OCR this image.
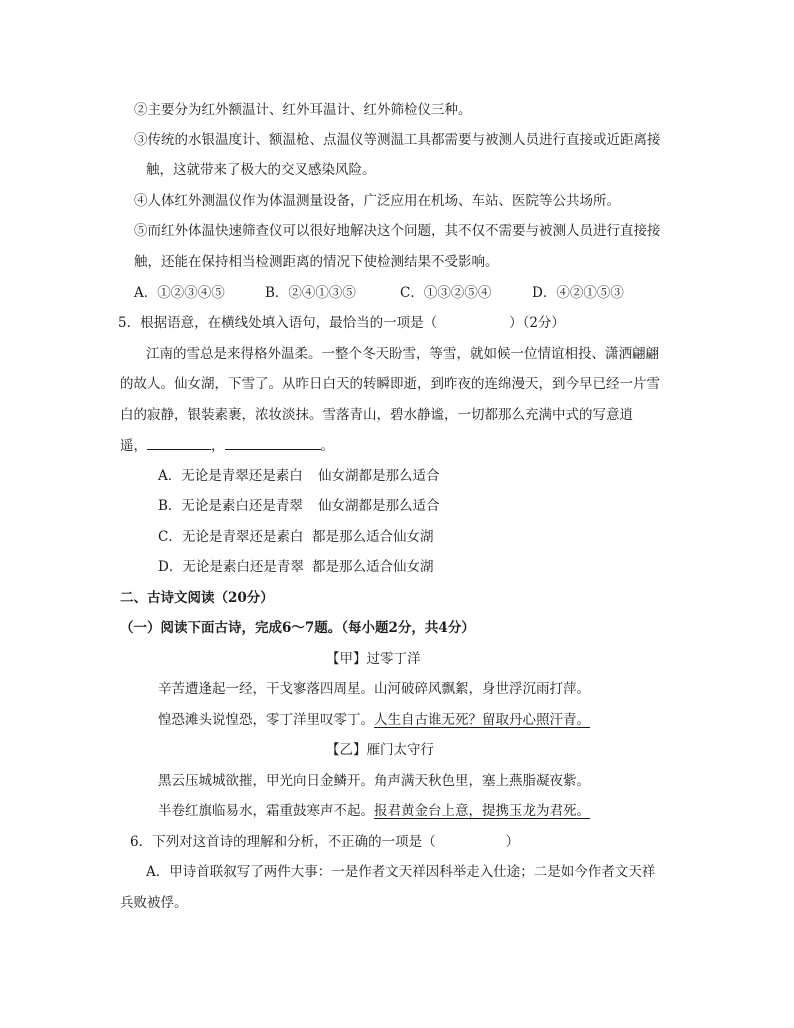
②主要分为红外额温计、红外耳温计、红外筛检仪三种。
③传统的水银温度计、额温枪、点温仪等测温工具都需要与被测人员进行直接或近距离接
触，这就带来了极大的交叉感染风险。
④人体红外测温仪作为体温测量设备，广泛应用在机场、车站、医院等公共场所。
⑤而红外体温快速筛查仪可以很好地解决这个问题，其不仅不需要与被测人员进行直接接
触，还能在保持相当检测距离的情况下使检测结果不受影响。
A．①②③④⑤	B．②④①③⑤	C．①③②⑤④	D．④②①⑤③
5．根据语意，在横线处填入语句，最恰当的一项是（	）（2分）
江南的雪总是来得格外温柔。一整个冬天盼雪，等雪，就如候一位情谊相投、潇洒翩翩
的故人。仙女湖，下雪了。从昨日白天的转瞬即逝，到昨夜的连绵漫天，到今早已经一片雪
白的寂静，银装素裹，浓妆淡抹。雪落青山，碧水静谧，一切都那么充满中式的写意逍
遥，	，	。
A．无论是青翠还是素白 仙女湖都是那么适合
B．无论是素白还是青翠 仙女湖都是那么适合
C．无论是青翠还是素白 都是那么适合仙女湖
D．无论是素白还是青翠 都是那么适合仙女湖
二、古诗文阅读（20分）
（一）阅读下面古诗，完成6～7题。（每小题2分，共4分）
【甲】过零丁洋
辛苦遭逢起一经，干戈寥落四周星。山河破碎风飘絮，身世浮沉雨打萍。
惶恐滩头说惶恐，零丁洋里叹零丁。人生自古谁无死？留取丹心照汗青。
【乙】雁门太守行
黑云压城城欲摧，甲光向日金鳞开。角声满天秋色里，塞上燕脂凝夜紫。
半卷红旗临易水，霜重鼓寒声不起。报君黄金台上意，提携玉龙为君死。
6．下列对这首诗的理解和分析，不正确的一项是（	）
A．甲诗首联叙写了两件大事：一是作者文天祥因科举走入仕途；二是如今作者文天祥
兵败被俘。
